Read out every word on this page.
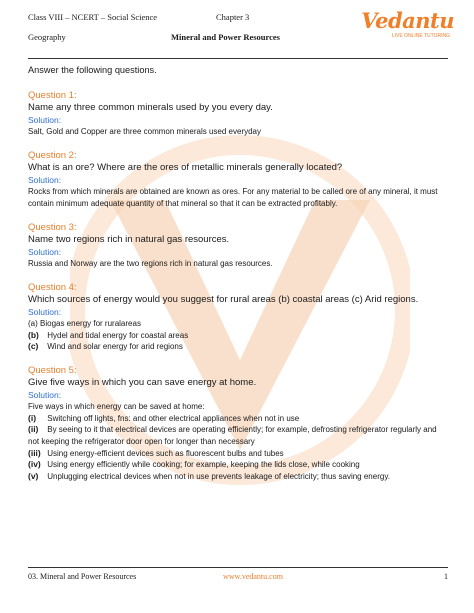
Class VIII – NCERT – Social Science	Chapter 3
Geography	Mineral and Power Resources
Vedantu
LIVE ONLINE TUTORING
Answer the following questions.
Question 1:
Name any three common minerals used by you every day.
Solution:
Salt, Gold and Copper are three common minerals used everyday
Question 2:
What is an ore? Where are the ores of metallic minerals generally located?
Solution:
Rocks from which minerals are obtained are known as ores. For any material to be called ore of any mineral, it must contain minimum adequate quantity of that mineral so that it can be extracted profitably.
Question 3:
Name two regions rich in natural gas resources.
Solution:
Russia and Norway are the two regions rich in natural gas resources.
Question 4:
Which sources of energy would you suggest for rural areas (b) coastal areas (c) Arid regions.
Solution:
(a) Biogas energy for ruralareas
(b) Hydel and tidal energy for coastal areas
(c) Wind and solar energy for arid regions
Question 5:
Give five ways in which you can save energy at home.
Solution:
Five ways in which energy can be saved at home:
(i) Switching off lights, fns: and other electrical appliances when not in use
(ii) By seeing to it that electrical devices are operating efficiently; for example, defrosting refrigerator regularly and not keeping the refrigerator door open for longer than necessary
(iii) Using energy-efficient devices such as fluorescent bulbs and tubes
(iv) Using energy efficiently while cooking; for example, keeping the lids close, while cooking
(v) Unplugging electrical devices when not in use prevents leakage of electricity; thus saving energy.
03. Mineral and Power Resources	www.vedantu.com	1
